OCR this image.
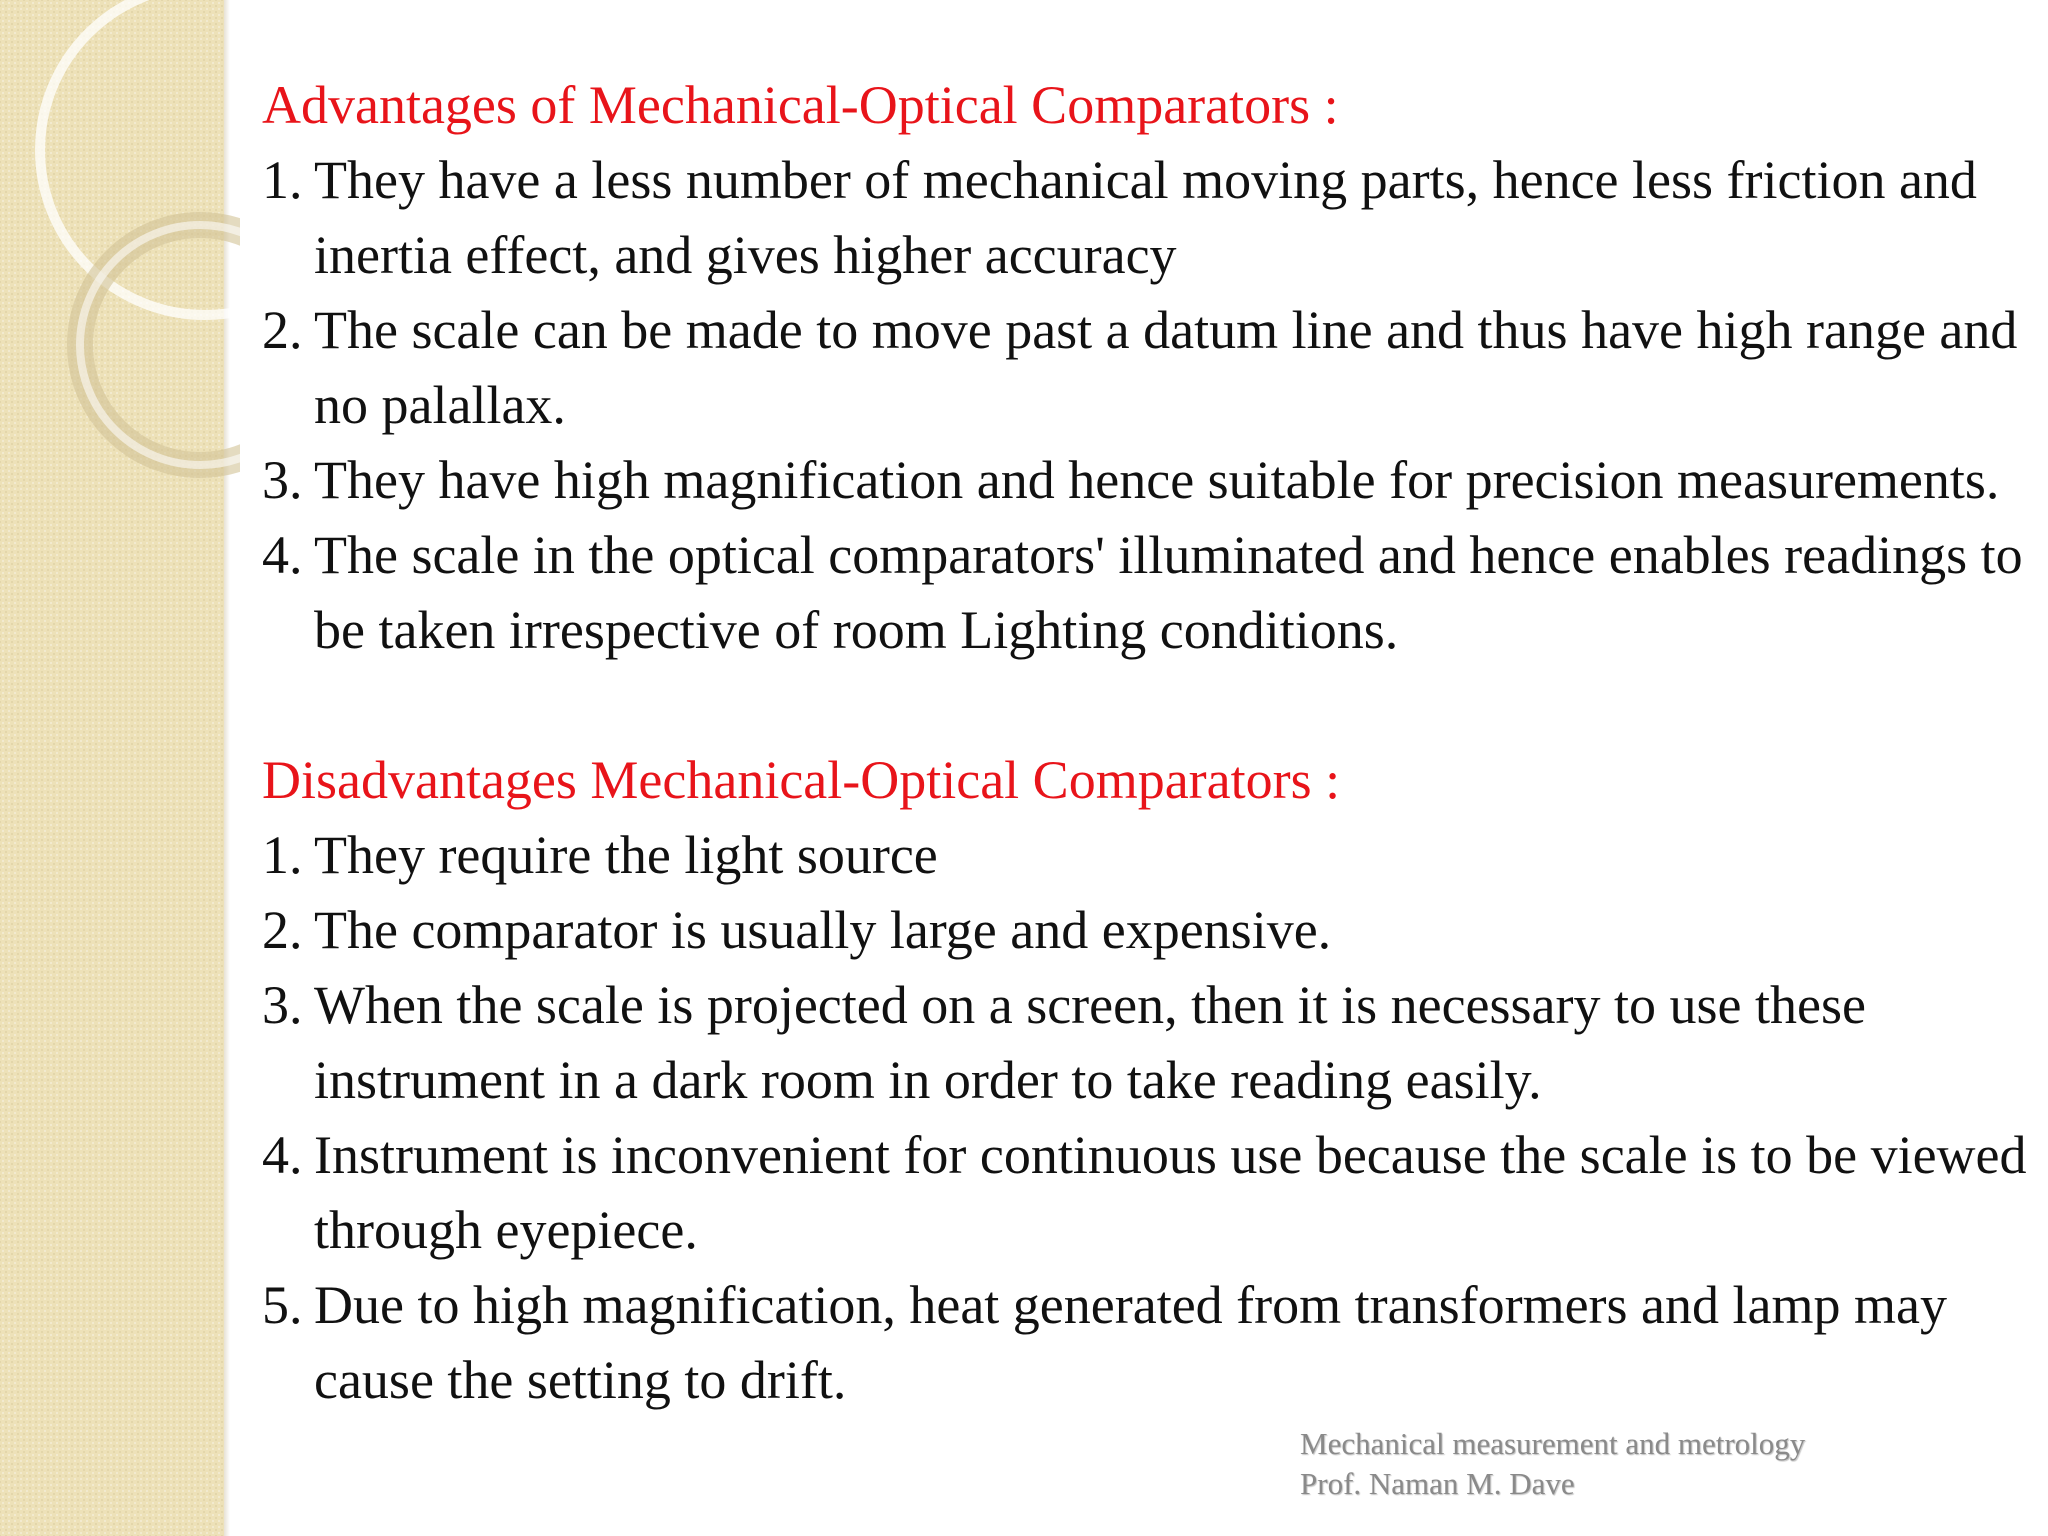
Advantages of Mechanical-Optical Comparators :
1. They have a less number of mechanical moving parts, hence less friction and inertia effect, and gives higher accuracy
2. The scale can be made to move past a datum line and thus have high range and no palallax.
3. They have high magnification and hence suitable for precision measurements.
4. The scale in the optical comparators' illuminated and hence enables readings to be taken irrespective of room Lighting conditions.
Disadvantages Mechanical-Optical Comparators :
1. They require the light source
2. The comparator is usually large and expensive.
3. When the scale is projected on a screen, then it is necessary to use these instrument in a dark room in order to take reading easily.
4. Instrument is inconvenient for continuous use because the scale is to be viewed through eyepiece.
5. Due to high magnification, heat generated from transformers and lamp may cause the setting to drift.
Mechanical measurement and metrology
Prof. Naman M. Dave
